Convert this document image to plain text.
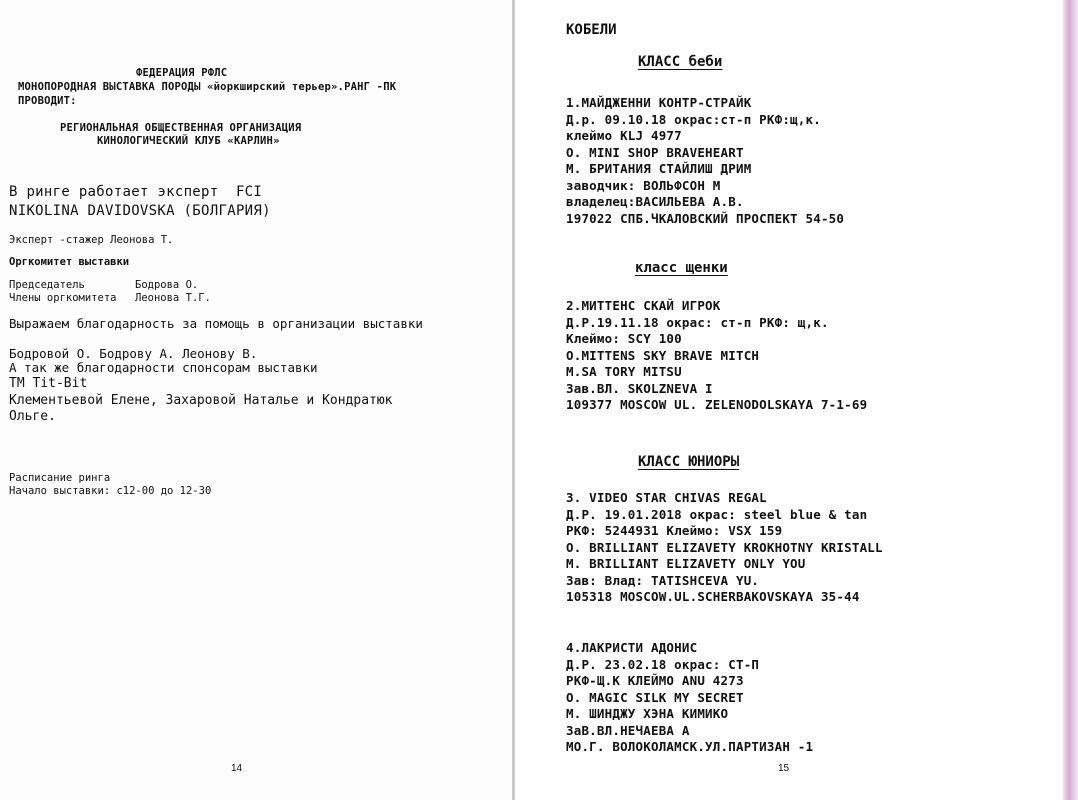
ФЕДЕРАЦИЯ РФЛС

МОНОПОРОДНАЯ ВЫСТАВКА ПОРОДЫ «йоркширский терьер».РАНГ -ПК

ПРОВОДИТ:

РЕГИОНАЛЬНАЯ ОБЩЕСТВЕННАЯ ОРГАНИЗАЦИЯ

КИНОЛОГИЧЕСКИЙ КЛУБ «КАРЛИН»

В ринге работает эксперт  FCI

NIKOLINA DAVIDOVSKA (БОЛГАРИЯ)

Эксперт -стажер Леонова Т.

Оргкомитет выставки

Председатель	Бодрова О.

Члены оргкомитета Леонова Т.Г.

Выражаем благодарность за помощь в организации выставки

Бодровой О. Бодрову А. Леонову В.

А так же благодарности спонсорам выставки

ТМ Tit-Bit

Клементьевой Елене, Захаровой Наталье и Кондратюк

Ольге.

Расписание ринга

Начало выставки: с12-00 до 12-30

14

КОБЕЛИ

КЛАСС беби

1.МАЙДЖЕННИ КОНТР-СТРАЙК

Д.р. 09.10.18 окрас:ст-п РКФ:щ,к.

клеймо KLJ 4977

О. MINI SHOP BRAVEHEART

М. БРИТАНИЯ СТАЙЛИШ ДРИМ

заводчик: ВОЛЬФСОН М

владелец:ВАСИЛЬЕВА А.В.

197022 СПБ.ЧКАЛОВСКИЙ ПРОСПЕКТ 54-50

класс щенки

2.МИТТЕНС СКАЙ ИГРОК

Д.Р.19.11.18 окрас: ст-п РКФ: щ,к.

Клеймо: SCY 100

О.MITTENS SKY BRAVE MITCH

М.SA TORY MITSU

Зав.ВЛ. SKOLZNEVA I

109377 MOSCOW UL. ZELENODOLSKAYA 7-1-69

КЛАСС ЮНИОРЫ

3. VIDEO STAR CHIVAS REGAL

Д.Р. 19.01.2018 окрас: steel blue & tan

РКФ: 5244931 Клеймо: VSX 159

О. BRILLIANT ELIZAVETY KROKHOTNY KRISTALL

М. BRILLIANT ELIZAVETY ONLY YOU

Зав: Влад: TATISHCEVA YU.

105318 MOSCOW.UL.SCHERBAKOVSKAYA 35-44

4.ЛАКРИСТИ АДОНИС

Д.Р. 23.02.18 окрас: СТ-П

РКФ-Щ.К КЛЕЙМО ANU 4273

О. MAGIC SILK MY SECRET

М. ШИНДЖУ ХЭНА КИМИКО

ЗаВ.ВЛ.НЕЧАЕВА А

МО.Г. ВОЛОКОЛАМСК.УЛ.ПАРТИЗАН -1

15
